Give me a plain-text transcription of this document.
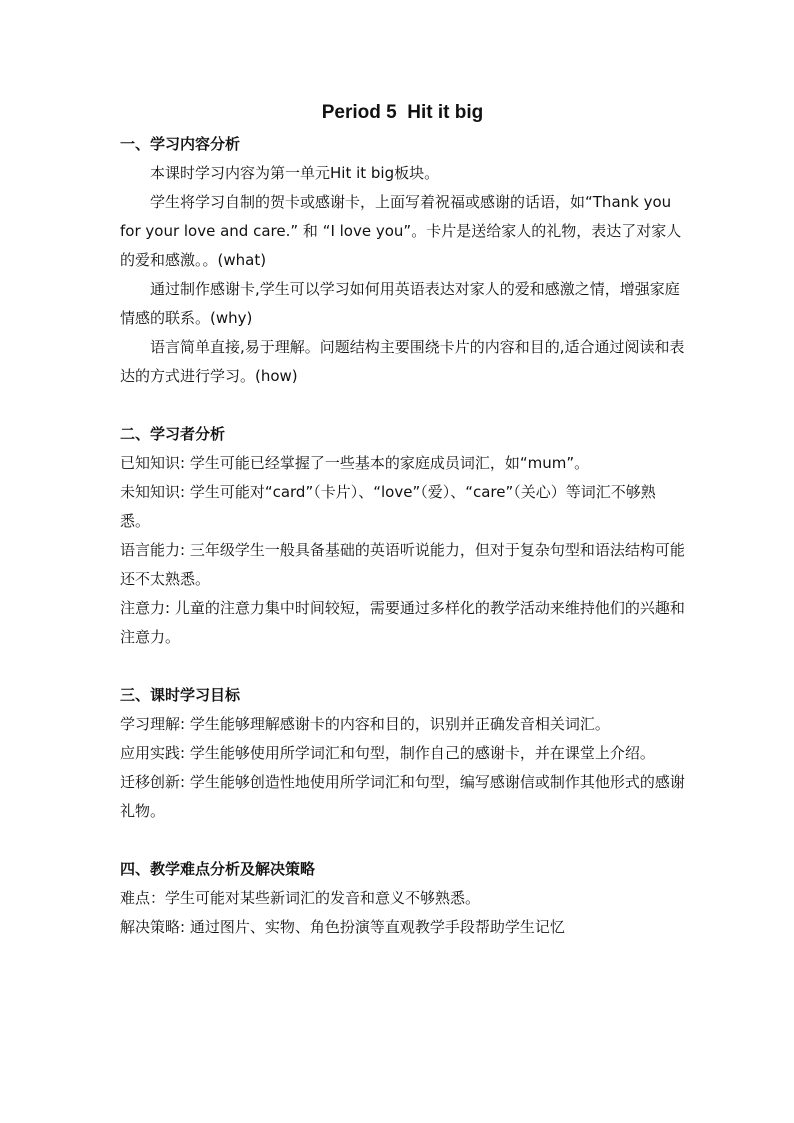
Period 5  Hit it big

一、学习内容分析

本课时学习内容为第一单元Hit it big板块。

学生将学习自制的贺卡或感谢卡，上面写着祝福或感谢的话语，如“Thank you for your love and care.” 和 “I love you”。卡片是送给家人的礼物，表达了对家人的爱和感激。。(what)

通过制作感谢卡,学生可以学习如何用英语表达对家人的爱和感激之情，增强家庭情感的联系。(why)

语言简单直接,易于理解。问题结构主要围绕卡片的内容和目的,适合通过阅读和表达的方式进行学习。(how)

二、学习者分析

已知知识: 学生可能已经掌握了一些基本的家庭成员词汇，如“mum”。

未知知识: 学生可能对“card”（卡片）、“love”（爱）、“care”（关心）等词汇不够熟悉。

语言能力: 三年级学生一般具备基础的英语听说能力，但对于复杂句型和语法结构可能还不太熟悉。

注意力: 儿童的注意力集中时间较短，需要通过多样化的教学活动来维持他们的兴趣和注意力。

三、课时学习目标

学习理解: 学生能够理解感谢卡的内容和目的，识别并正确发音相关词汇。

应用实践: 学生能够使用所学词汇和句型，制作自己的感谢卡，并在课堂上介绍。

迁移创新: 学生能够创造性地使用所学词汇和句型，编写感谢信或制作其他形式的感谢礼物。

四、教学难点分析及解决策略

难点：学生可能对某些新词汇的发音和意义不够熟悉。

解决策略: 通过图片、实物、角色扮演等直观教学手段帮助学生记忆
